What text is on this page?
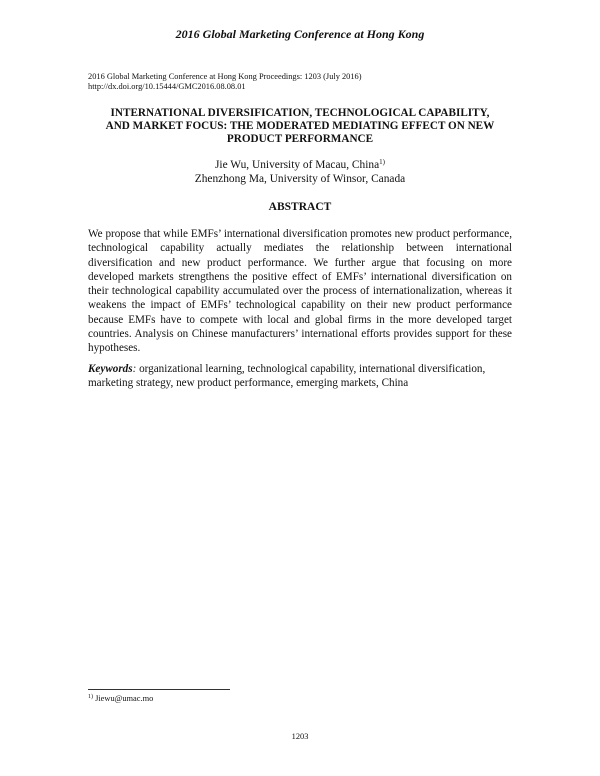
2016 Global Marketing Conference at Hong Kong
2016 Global Marketing Conference at Hong Kong Proceedings: 1203 (July 2016)
http://dx.doi.org/10.15444/GMC2016.08.08.01
INTERNATIONAL DIVERSIFICATION, TECHNOLOGICAL CAPABILITY,
AND MARKET FOCUS: THE MODERATED MEDIATING EFFECT ON NEW
PRODUCT PERFORMANCE
Jie Wu, University of Macau, China$^{1)}$
Zhenzhong Ma, University of Winsor, Canada
ABSTRACT
We propose that while EMFs’ international diversification promotes new product performance, technological capability actually mediates the relationship between international diversification and new product performance. We further argue that focusing on more developed markets strengthens the positive effect of EMFs’ international diversification on their technological capability accumulated over the process of internationalization, whereas it weakens the impact of EMFs’ technological capability on their new product performance because EMFs have to compete with local and global firms in the more developed target countries. Analysis on Chinese manufacturers’ international efforts provides support for these hypotheses.
Keywords: organizational learning, technological capability, international diversification, marketing strategy, new product performance, emerging markets, China
$^{1)}$ Jiewu@umac.mo
1203
